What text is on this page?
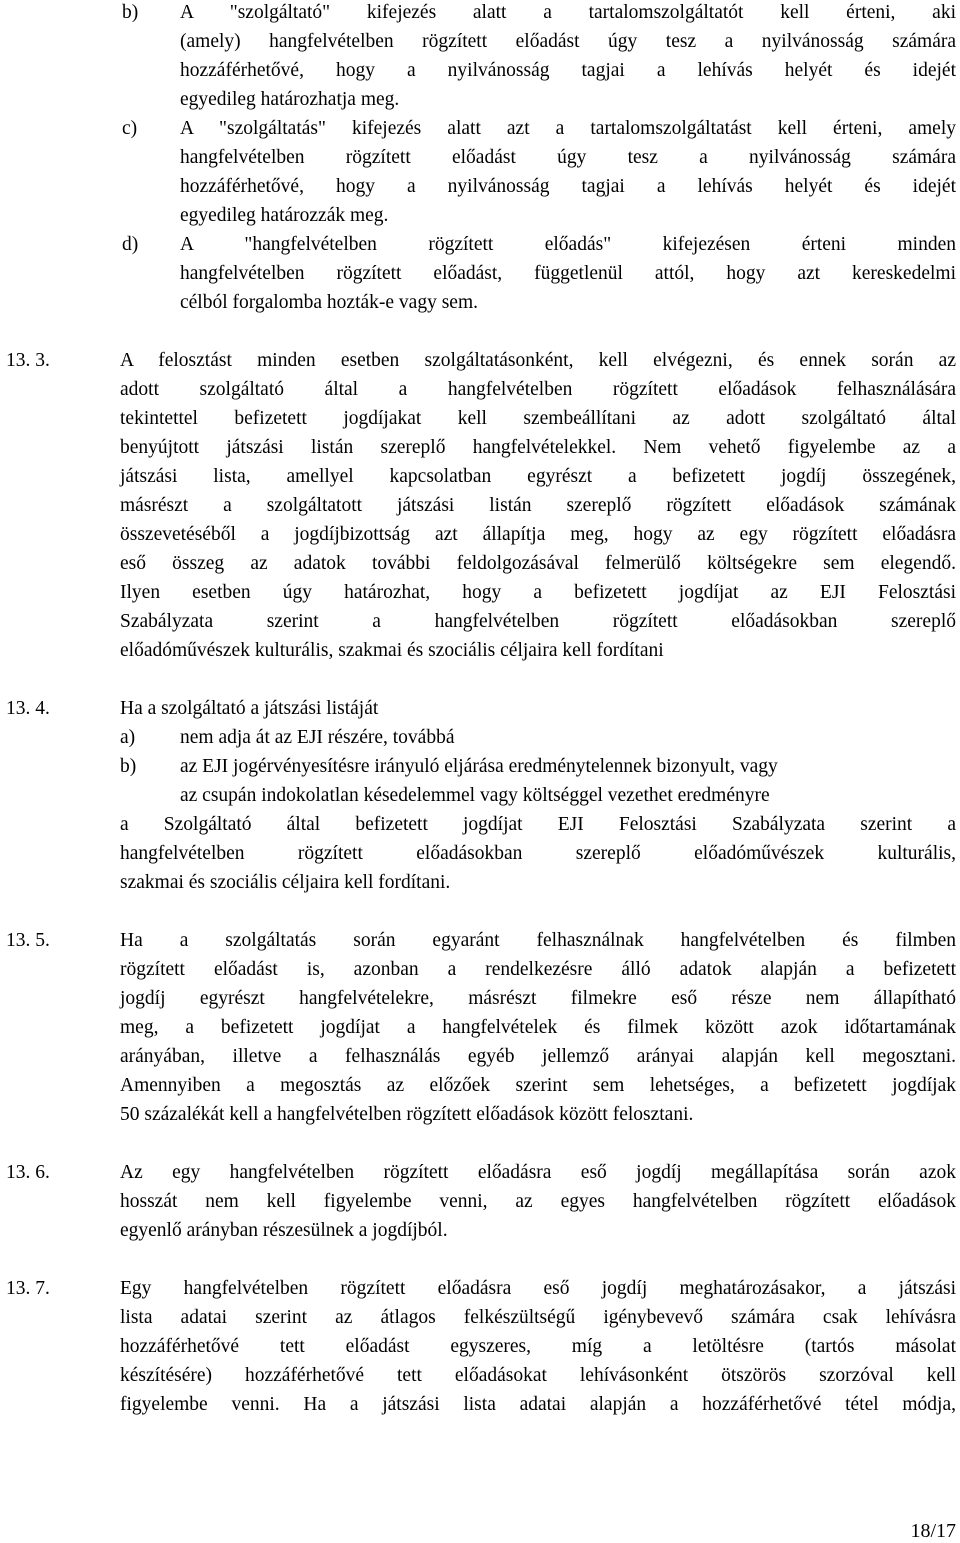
b) A "szolgáltató" kifejezés alatt a tartalomszolgáltatót kell érteni, aki
(amely) hangfelvételben rögzített előadást úgy tesz a nyilvánosság számára
hozzáférhetővé, hogy a nyilvánosság tagjai a lehívás helyét és idejét
egyedileg határozhatja meg.
c) A "szolgáltatás" kifejezés alatt azt a tartalomszolgáltatást kell érteni, amely
hangfelvételben rögzített előadást úgy tesz a nyilvánosság számára
hozzáférhetővé, hogy a nyilvánosság tagjai a lehívás helyét és idejét
egyedileg határozzák meg.
d) A "hangfelvételben rögzített előadás" kifejezésen érteni minden
hangfelvételben rögzített előadást, függetlenül attól, hogy azt kereskedelmi
célból forgalomba hozták-e vagy sem.
13. 3.	A felosztást minden esetben szolgáltatásonként, kell elvégezni, és ennek során az
adott szolgáltató által a hangfelvételben rögzített előadások felhasználására
tekintettel befizetett jogdíjakat kell szembeállítani az adott szolgáltató által
benyújtott játszási listán szereplő hangfelvételekkel. Nem vehető figyelembe az a
játszási lista, amellyel kapcsolatban egyrészt a befizetett jogdíj összegének,
másrészt a szolgáltatott játszási listán szereplő rögzített előadások számának
összevetéséből a jogdíjbizottság azt állapítja meg, hogy az egy rögzített előadásra
eső összeg az adatok további feldolgozásával felmerülő költségekre sem elegendő.
Ilyen esetben úgy határozhat, hogy a befizetett jogdíjat az EJI Felosztási
Szabályzata szerint a hangfelvételben rögzített előadásokban szereplő
előadóművészek kulturális, szakmai és szociális céljaira kell fordítani
13. 4.	Ha a szolgáltató a játszási listáját
a) nem adja át az EJI részére, továbbá
b) az EJI jogérvényesítésre irányuló eljárása eredménytelennek bizonyult, vagy
az csupán indokolatlan késedelemmel vagy költséggel vezethet eredményre
a Szolgáltató által befizetett jogdíjat EJI Felosztási Szabályzata szerint a
hangfelvételben rögzített előadásokban szereplő előadóművészek kulturális,
szakmai és szociális céljaira kell fordítani.
13. 5.	Ha a szolgáltatás során egyaránt felhasználnak hangfelvételben és filmben
rögzített előadást is, azonban a rendelkezésre álló adatok alapján a befizetett
jogdíj egyrészt hangfelvételekre, másrészt filmekre eső része nem állapítható
meg, a befizetett jogdíjat a hangfelvételek és filmek között azok időtartamának
arányában, illetve a felhasználás egyéb jellemző arányai alapján kell megosztani.
Amennyiben a megosztás az előzőek szerint sem lehetséges, a befizetett jogdíjak
50 százalékát kell a hangfelvételben rögzített előadások között felosztani.
13. 6.	Az egy hangfelvételben rögzített előadásra eső jogdíj megállapítása során azok
hosszát nem kell figyelembe venni, az egyes hangfelvételben rögzített előadások
egyenlő arányban részesülnek a jogdíjból.
13. 7.	Egy hangfelvételben rögzített előadásra eső jogdíj meghatározásakor, a játszási
lista adatai szerint az átlagos felkészültségű igénybevevő számára csak lehívásra
hozzáférhetővé tett előadást egyszeres, míg a letöltésre (tartós másolat
készítésére) hozzáférhetővé tett előadásokat lehívásonként ötszörös szorzóval kell
figyelembe venni. Ha a játszási lista adatai alapján a hozzáférhetővé tétel módja,
18/17
